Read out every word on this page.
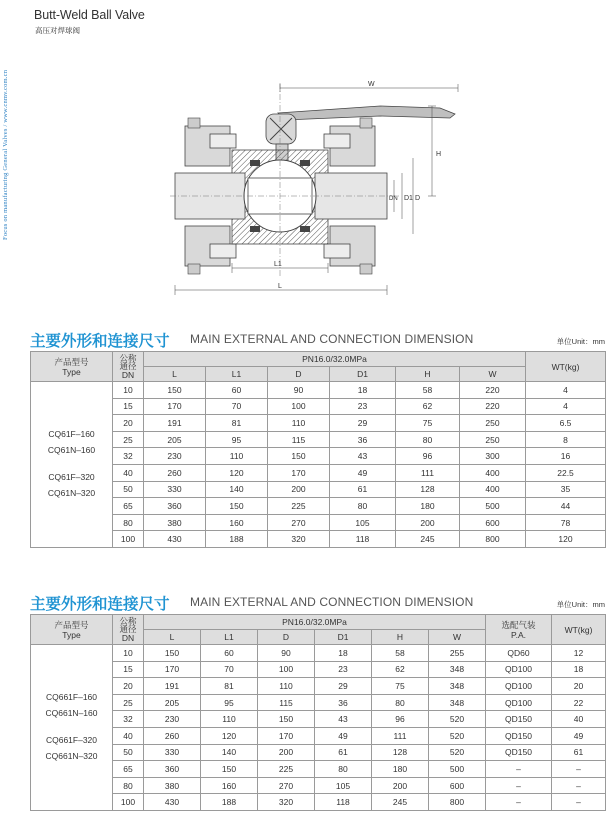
Focus on manufacturing General Valves / www.cnmv.com.cn
Butt-Weld Ball Valve
高压对焊球阀
W
H
D
D1
DN
L1
L
主要外形和连接尺寸 MAIN EXTERNAL AND CONNECTION DIMENSION	单位Unit：mm
产品型号
Type	公称
通径
DN	PN16.0/32.0MPa						WT(kg)
		L	L1	D	D1	H	W	

CQ61F–160
CQ61N–160
CQ61F–320
CQ61N–320	10	150	60	90	18	58	220	4
	15	170	70	100	23	62	220	4
	20	191	81	110	29	75	250	6.5
	25	205	95	115	36	80	250	8
	32	230	110	150	43	96	300	16
	40	260	120	170	49	111	400	22.5
	50	330	140	200	61	128	400	35
	65	360	150	225	80	180	500	44
	80	380	160	270	105	200	600	78
	100	430	188	320	118	245	800	120
主要外形和连接尺寸 MAIN EXTERNAL AND CONNECTION DIMENSION	单位Unit：mm
产品型号
Type	公称
通径
DN	PN16.0/32.0MPa						选配气装
P.A.	WT(kg)
		L	L1	D	D1	H	W		

CQ661F–160
CQ661N–160
CQ661F–320
CQ661N–320	10	150	60	90	18	58	255	QD60	12
	15	170	70	100	23	62	348	QD100	18
	20	191	81	110	29	75	348	QD100	20
	25	205	95	115	36	80	348	QD100	22
	32	230	110	150	43	96	520	QD150	40
	40	260	120	170	49	111	520	QD150	49
	50	330	140	200	61	128	520	QD150	61
	65	360	150	225	80	180	500	–	–
	80	380	160	270	105	200	600	–	–
	100	430	188	320	118	245	800	–	–
